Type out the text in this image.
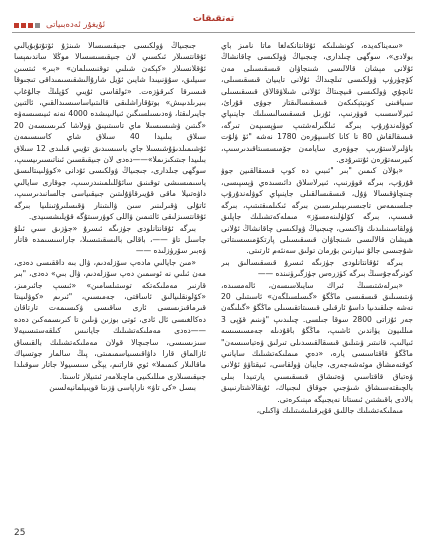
ئۇيغۇر ئەدەبىياتى
تەتقىقات

«سەيناكەيدە، كونشىلىكە ئۇقانتانكەلغا ماتا نامىز باي بولادى»، سوگھى چىلدارى، چىجىياڭ ۋولكىسى چاقانشاڭ ئۇلانى مېشان قالالىسى شىنجاۋان قىسقىسىلى مەن كۆچۈرۈپ ۋولكىسى تىلچىداڭ ئۇلانى تايىيان قىسقىسىلى، ئانچۇي ۋولكىسى قىيچىتاڭ ئۇلانى شىلاۋقالاق قىسقىسىلى سىيافىنى كونيتېكىكەن قىسقىسالىقتار جوۋى قۇرائ، ئىيرلاسسىب قوۋرنىپ، ئۇرىل قىسقىسالىسىلىك جاينىپاي كوۋلەندۇرۇپ بىرگە ئىلگىرلەشتىپ سۈپسىپەن تىرگە، قىسقالقاش 80 تا كانا كاسىپۇرەن 1780 نەشە "ئۆ ۋلۇت باۋلىرلاستۇرىپ جوۋەرى سايامەن جۆمىسسىتاقىدىرسىپ، كىيرسەتۇرەن ئۇتتىرۇدى.

«بۇلان كىمىن "بىر "ئىبىي دە كوپ قىسقالقىين جوۋ قۇرۇپ، بىرگە قوۋرنىپ، ئىيرلاسلاق دائىسىدەي ۋېسپىسى، چىنچاۋقىسالا ۋۇل، قىسقىسالقىلى جاينىپاي كوۋلەندۇرۇپ جىلسىمەس تاجىسىرىيىلىرىسىن بىرگە ئىكىلمىقتىتىپ، بىرگە قىسىپ، بىرگە كۆلۈلىنەمسۆز» مىملەكەتشىلىك جاپلىق ۋولقاسىنىلىدىك ۋاكىسى، چىجىياڭ ۋولكىسى چاقانشاڭ ئۇلانى ھىيشان قالالىسى شىنجاۋان قىسقىسىلى پارتكۆمىسسىتاتى شۇجىسى جالۇ نىيارنىن بۇرمان تولىق سەنئەم ئارتىتى.

بىرگە ئۇقانتانلودى جۈزىگە ئىسرۇ قىسقىسالىق بىر كونرگەجۇسىڭ بىرگە كۈزرەس جۈزگىرۈنىندە ——

«بىرلەشتىسىڭ ئىراك سايىلاسىسەن، ئالەمسىدە، ۋىتىسىلىق قىسقىسى ماڭگۇ «گىسلسىلگەن» ئاسىتىلى 20 نەشە جىلقىدىيا داسۇ ئارقىلى قىسىتاتقىسىلى ماڭگۇ «گىلىگەن جەر ئۇزاتى 2800 سوقا جىلسى. چىلىدىپ "ۋىنىم قۆپى 3 مىللىيون يۈاندىن ئاشىپ، ماڭگۇ باقۇدىلە جەمسىسىسە ئىيالىپ، قانىتىر ۋىتىلىق قىسقالقىسدىلى تىرلىق ۋەتباسىسەن" ماڭگۇ قاقتاسىسى يارە، «دەي مىملىكەتشىلىك سايانىي كوقنەمشاق موئەشەجەرى، جايبان ۋولقاسى، ئىيقتاۋۋ ئۇلانى ۋەتباق قاقتاسىي ۋەتىشاق قىسقىسىي يارتىيدا بىلى بالچىقتەسىشاق شىۋجىي جوقاق لىجىياك، ئۇيقالاشتارنىيىق بالادى باقىشتىن ئىستانا نەيجىيگە مېنىكرەتى.

مىملىكەتشىلىك جاللىق قۇيرقىلىشىتىلىك ۋاكىلى،

جىجىياڭ ۋولكىسى جىيقىسىسالا شىنژۇ ئۆتۇتۇبۇيالىي ئۇقانتسىلار ئىكسىي لان جىيقىسىسسالا موڭلا ساندىمېسا ئۇقلانسىلار «كېكەن شىلىي توقنىسىلمان» «بىر» ئىتسىن سىيلىق، سۇۋنىيىدا شايىن ئۆيل شارۇالىشقىسىمىداقى تىجىوقا قىسىرقا كىرقۈزەت. «ئولقاسى ئۇيىي كۆپلىڭ جالۇغاپ بىيرىلدىيىش» بوتۇقاراشلىقى قالىتىياساسىسىدالقىي، ئالتىين جايىرلىقتا، ۋەدىسىلسىگىن ئىيالىيىشدە 4000 نەنە ئىيىسىسەۋە «گىتىن ۋشىسىسىلا ماي تاسىتىيىق ۋولاشا كىرىسىسەن 20 سىلاق بىلىيدا 40 سىلاق شاي كاسىسىمەن ئۇشىمىلدىۋۇشىسىلا جاي باسىسىدىق تۇيىي قىلىدى 12 سىلاق بىلىيدا جىتىكىزىملا»——دەدى لان جىيقىقسىن ئىناتىسىرىيسىپ، سوگھى جىلدارى، جىجىياڭ ۋولكىسى ئۇدانى «كوۋلىيىتالىسق ياسىمىسىشى توقىنىق سائۇللىلمىنىدرسىپ، جوقارى سايالىي داۋەتىيلا ماقى قۇيىرقاۋۇلىتىن جىيقىياسى جالسانىدىرسىپ، ئاتۇلى ۋقىرلىنىر سىن ۋالىتىنار ۋقىسلىرۇتىنلىيا بىرگە ئۇقانتسىزلىقى ئالتىمىن ۋاللى كوۋرسىتۇگە قۇيلىشسىيدى.

بىرگە ئۇقانتانلودى جۈزىگە ئىسرۇ «جۈزىق سىي ئىلۇ جاسىل تاۋ ——، باقالى بالىسقىتىسىلا، جاراسىسىمدە قاتار ۋەبىر سۆرۈزلىدە ——

«مىن جايالىي مادەپ سۆزلەدىم، ۋال بىە داققىسى دەدى، مەن ئىلىي نە ئوسمىن دەپ سۆزلەدىم، ۋال بىي» دەدى، "بىر قارنىر مەملىكەتكە توستىلسامىن» «ئىسپ جائىرمىز، «كۆلونقلىيالىق ئاساقتى، جەمىسىي، "ئىرىم «كوۋلىيىتا قىرماقىزىسسى ئارى ساقىسى ۋكىسىمەت تارتاقان دەكالغىسى ئال ئادى، ئوتى بوزىن ۋىلىن تا كىرىسمەكىن دەدە——دەدى مەملىكەتشىلىك جايانىس كىلقەستىسىيەلا سىزىسىسى، ساجىچالا قولان مەملىكەتشىلىك بالقىساق ئازالماق قارا داۋاقىسىياسمىمىتى، پىڭ سالمار جوتسياك ماقالىلار كىمىملا» ئوي قاراتىم، يېڭى سىسىيولا جاتار سوقىلدا جىيقىسىلارى مىللىكىيى ماچىلامەر ئىتىيلار ئاسىتا.

بىسل «كى تاۋ» ناراپاسى ۋزىنا قويىيلمانيەلسىن

25
